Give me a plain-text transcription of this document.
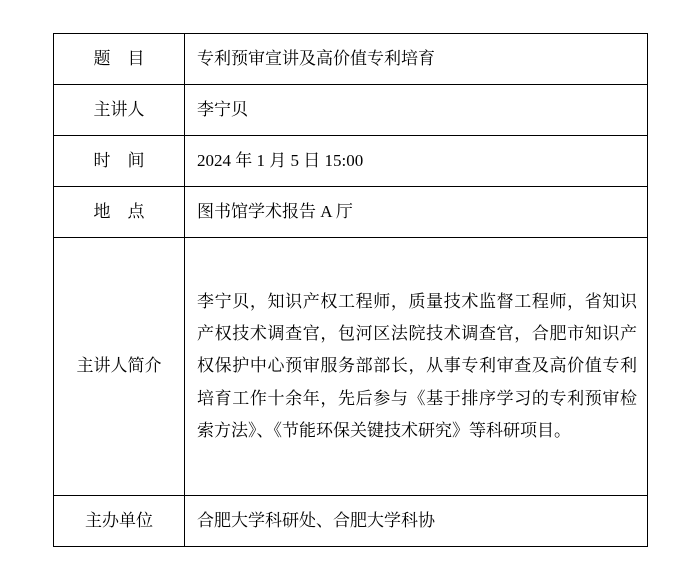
题　目	专利预审宣讲及高价值专利培育
主讲人	李宁贝
时　间	2024 年 1 月 5 日 15:00
地　点	图书馆学术报告 A 厅
主讲人简介	李宁贝，知识产权工程师，质量技术监督工程师，省知识产权技术调查官，包河区法院技术调查官，合肥市知识产权保护中心预审服务部部长，从事专利审查及高价值专利培育工作十余年，先后参与《基于排序学习的专利预审检索方法》、《节能环保关键技术研究》等科研项目。
主办单位	合肥大学科研处、合肥大学科协
